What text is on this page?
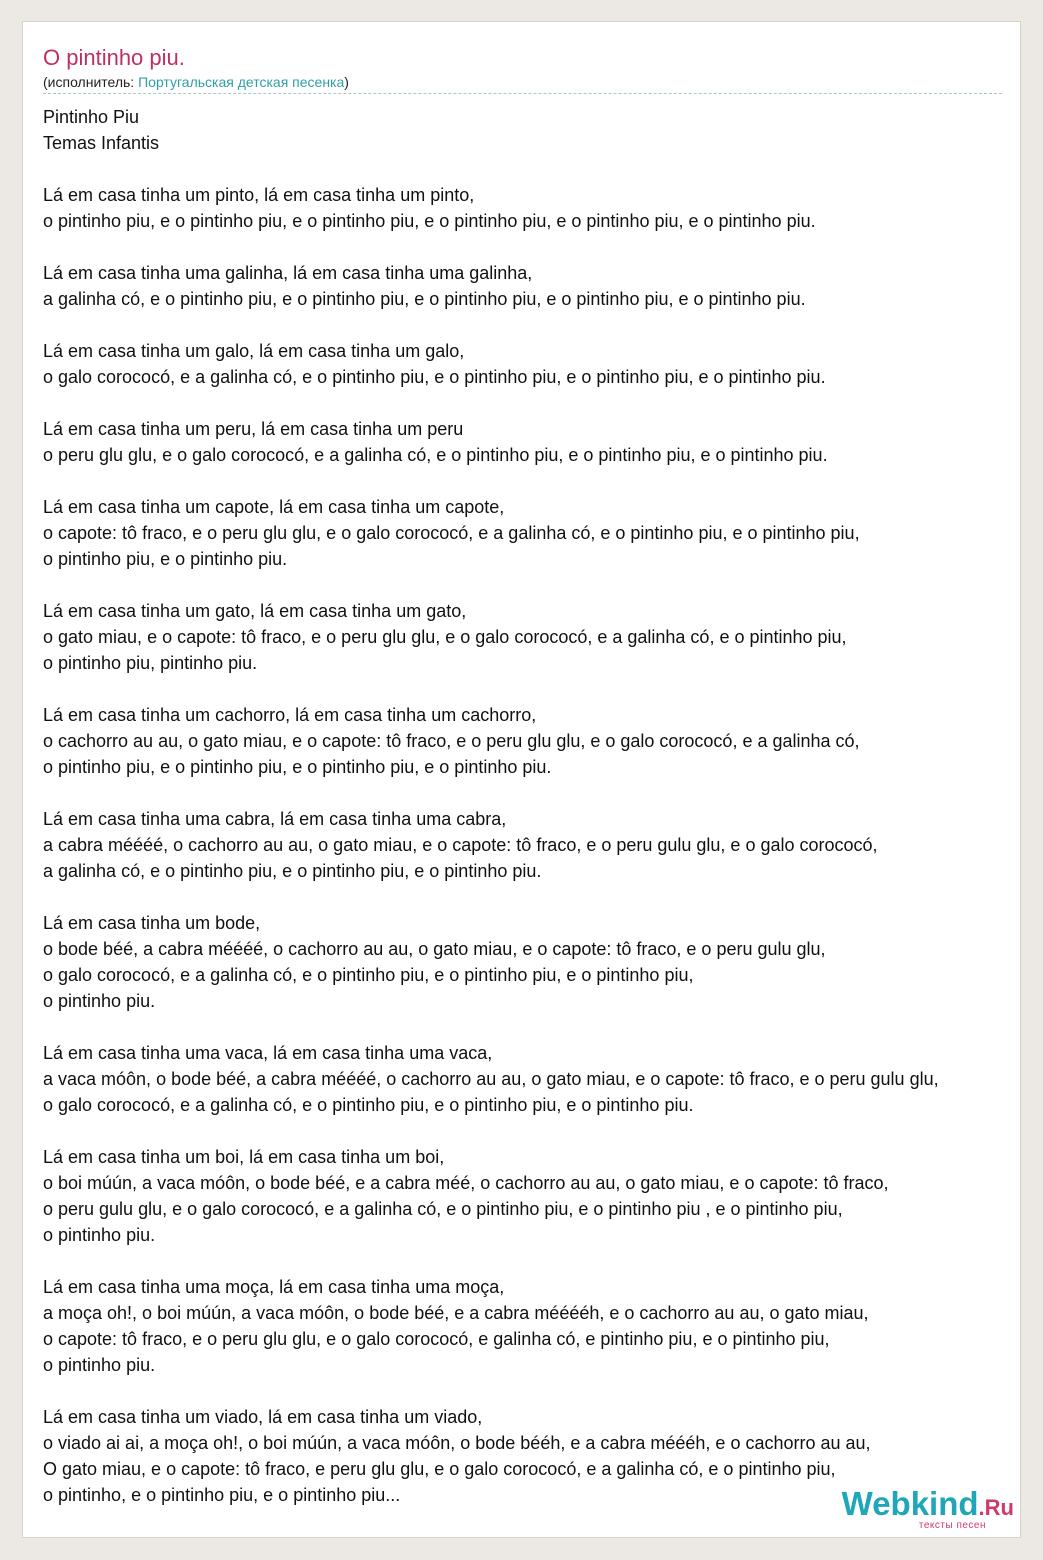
O pintinho piu.
(исполнитель: Португальская детская песенка)
Pintinho Piu
Temas Infantis
Lá em casa tinha um pinto, lá em casa tinha um pinto,
o pintinho piu, e o pintinho piu, e o pintinho piu, e o pintinho piu, e o pintinho piu, e o pintinho piu.
Lá em casa tinha uma galinha, lá em casa tinha uma galinha,
a galinha có, e o pintinho piu, e o pintinho piu, e o pintinho piu, e o pintinho piu, e o pintinho piu.
Lá em casa tinha um galo, lá em casa tinha um galo,
o galo corococó, e a galinha có, e o pintinho piu, e o pintinho piu, e o pintinho piu, e o pintinho piu.
Lá em casa tinha um peru, lá em casa tinha um peru
o peru glu glu, e o galo corococó, e a galinha có, e o pintinho piu, e o pintinho piu, e o pintinho piu.
Lá em casa tinha um capote, lá em casa tinha um capote,
o capote: tô fraco, e o peru glu glu, e o galo corococó, e a galinha có, e o pintinho piu, e o pintinho piu,
o pintinho piu, e o pintinho piu.
Lá em casa tinha um gato, lá em casa tinha um gato,
o gato miau, e o capote: tô fraco, e o peru glu glu, e o galo corococó, e a galinha có, e o pintinho piu,
o pintinho piu, pintinho piu.
Lá em casa tinha um cachorro, lá em casa tinha um cachorro,
o cachorro au au, o gato miau, e o capote: tô fraco, e o peru glu glu, e o galo corococó, e a galinha có,
o pintinho piu, e o pintinho piu, e o pintinho piu, e o pintinho piu.
Lá em casa tinha uma cabra, lá em casa tinha uma cabra,
a cabra méééé, o cachorro au au, o gato miau, e o capote: tô fraco, e o peru gulu glu, e o galo corococó,
a galinha có, e o pintinho piu, e o pintinho piu, e o pintinho piu.
Lá em casa tinha um bode,
o bode béé, a cabra méééé, o cachorro au au, o gato miau, e o capote: tô fraco, e o peru gulu glu,
o galo corococó, e a galinha có, e o pintinho piu, e o pintinho piu, e o pintinho piu,
o pintinho piu.
Lá em casa tinha uma vaca, lá em casa tinha uma vaca,
a vaca móôn, o bode béé, a cabra méééé, o cachorro au au, o gato miau, e o capote: tô fraco, e o peru gulu glu,
o galo corococó, e a galinha có, e o pintinho piu, e o pintinho piu, e o pintinho piu.
Lá em casa tinha um boi, lá em casa tinha um boi,
o boi múún, a vaca móôn, o bode béé, e a cabra méé, o cachorro au au, o gato miau, e o capote: tô fraco,
o peru gulu glu, e o galo corococó, e a galinha có, e o pintinho piu, e o pintinho piu , e o pintinho piu,
o pintinho piu.
Lá em casa tinha uma moça, lá em casa tinha uma moça,
a moça oh!, o boi múún, a vaca móôn, o bode béé, e a cabra mééééh, e o cachorro au au, o gato miau,
o capote: tô fraco, e o peru glu glu, e o galo corococó, e galinha có, e pintinho piu, e o pintinho piu,
o pintinho piu.
Lá em casa tinha um viado, lá em casa tinha um viado,
o viado ai ai, a moça oh!, o boi múún, a vaca móôn, o bode bééh, e a cabra méééh, e o cachorro au au,
O gato miau, e o capote: tô fraco, e peru glu glu, e o galo corococó, e a galinha có, e o pintinho piu,
o pintinho, e o pintinho piu, e o pintinho piu...	Webkind.Ru
тексты песен
